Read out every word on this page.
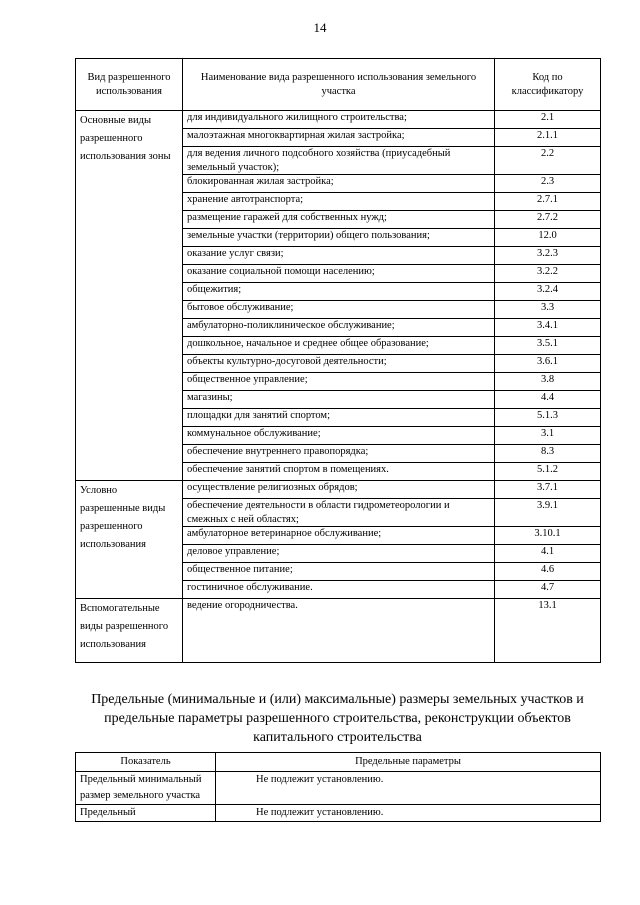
14
Вид разрешенного использования	Наименование вида разрешенного использования земельного участка	Код по классификатору
Основные виды разрешенного использования зоны	для индивидуального жилищного строительства;	2.1
	малоэтажная многоквартирная жилая застройка;	2.1.1
	для ведения личного подсобного хозяйства (приусадебный земельный участок);	2.2
	блокированная жилая застройка;	2.3
	хранение автотранспорта;	2.7.1
	размещение гаражей для собственных нужд;	2.7.2
	земельные участки (территории) общего пользования;	12.0
	оказание услуг связи;	3.2.3
	оказание социальной помощи населению;	3.2.2
	общежития;	3.2.4
	бытовое обслуживание;	3.3
	амбулаторно-поликлиническое обслуживание;	3.4.1
	дошкольное, начальное и среднее общее образование;	3.5.1
	объекты культурно-досуговой деятельности;	3.6.1
	общественное управление;	3.8
	магазины;	4.4
	площадки для занятий спортом;	5.1.3
	коммунальное обслуживание;	3.1
	обеспечение внутреннего правопорядка;	8.3
	обеспечение занятий спортом в помещениях.	5.1.2
Условно разрешенные виды разрешенного использования	осуществление религиозных обрядов;	3.7.1
	обеспечение деятельности в области гидрометеорологии и смежных с ней областях;	3.9.1
	амбулаторное ветеринарное обслуживание;	3.10.1
	деловое управление;	4.1
	общественное питание;	4.6
	гостиничное обслуживание.	4.7
Вспомогательные виды разрешенного использования	ведение огородничества.	13.1
Предельные (минимальные и (или) максимальные) размеры земельных участков и предельные параметры разрешенного строительства, реконструкции объектов капитального строительства
Показатель	Предельные параметры
Предельный минимальный размер земельного участка	Не подлежит установлению.
Предельный	Не подлежит установлению.
